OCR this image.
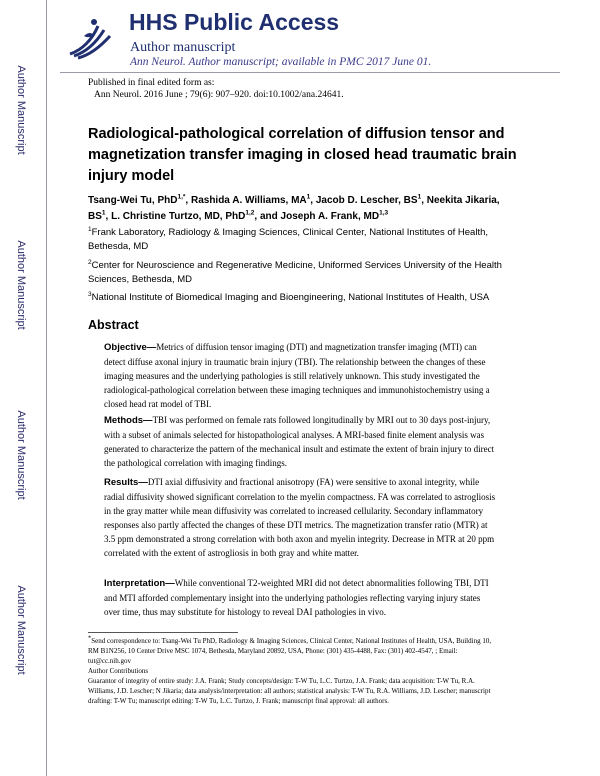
Author Manuscript
Author Manuscript
Author Manuscript
Author Manuscript
HHS Public Access
Author manuscript
Ann Neurol. Author manuscript; available in PMC 2017 June 01.
Published in final edited form as:
Ann Neurol. 2016 June ; 79(6): 907–920. doi:10.1002/ana.24641.
Radiological-pathological correlation of diffusion tensor and magnetization transfer imaging in closed head traumatic brain injury model
Tsang-Wei Tu, PhD$^{1,*}$, Rashida A. Williams, $MA^1$, Jacob D. Lescher, $BS^1$, Neekita Jikaria, $BS^1$, L. Christine Turtzo, MD, PhD$^{1,2}$, and Joseph A. Frank, MD$^{1,3}$
$^1$Frank Laboratory, Radiology & Imaging Sciences, Clinical Center, National Institutes of Health, Bethesda, MD
$^2$Center for Neuroscience and Regenerative Medicine, Uniformed Services University of the Health Sciences, Bethesda, MD
$^3$National Institute of Biomedical Imaging and Bioengineering, National Institutes of Health, USA
Abstract
Objective—Metrics of diffusion tensor imaging (DTI) and magnetization transfer imaging (MTI) can detect diffuse axonal injury in traumatic brain injury (TBI). The relationship between the changes of these imaging measures and the underlying pathologies is still relatively unknown. This study investigated the radiological-pathological correlation between these imaging techniques and immunohistochemistry using a closed head rat model of TBI.
Methods—TBI was performed on female rats followed longitudinally by MRI out to 30 days post-injury, with a subset of animals selected for histopathological analyses. A MRI-based finite element analysis was generated to characterize the pattern of the mechanical insult and estimate the extent of brain injury to direct the pathological correlation with imaging findings.
Results—DTI axial diffusivity and fractional anisotropy (FA) were sensitive to axonal integrity, while radial diffusivity showed significant correlation to the myelin compactness. FA was correlated to astrogliosis in the gray matter while mean diffusivity was correlated to increased cellularity. Secondary inflammatory responses also partly affected the changes of these DTI metrics. The magnetization transfer ratio (MTR) at 3.5 ppm demonstrated a strong correlation with both axon and myelin integrity. Decrease in MTR at 20 ppm correlated with the extent of astrogliosis in both gray and white matter.
Interpretation—While conventional T2-weighted MRI did not detect abnormalities following TBI, DTI and MTI afforded complementary insight into the underlying pathologies reflecting varying injury states over time, thus may substitute for histology to reveal DAI pathologies in vivo.
*Send correspondence to: Tsang-Wei Tu PhD, Radiology & Imaging Sciences, Clinical Center, National Institutes of Health, USA, Building 10, RM B1N256, 10 Center Drive MSC 1074, Bethesda, Maryland 20892, USA, Phone: (301) 435-4488, Fax: (301) 402-4547, ; Email: tut@cc.nih.gov
Author Contributions
Guarantor of integrity of entire study: J.A. Frank; Study concepts/design: T-W Tu, L.C. Turtzo, J.A. Frank; data acquisition: T-W Tu, R.A. Williams, J.D. Lescher; N Jikaria; data analysis/interpretation: all authors; statistical analysis: T-W Tu, R.A. Williams, J.D. Lescher; manuscript drafting: T-W Tu; manuscript editing: T-W Tu, L.C. Turtzo, J. Frank; manuscript final approval: all authors.
